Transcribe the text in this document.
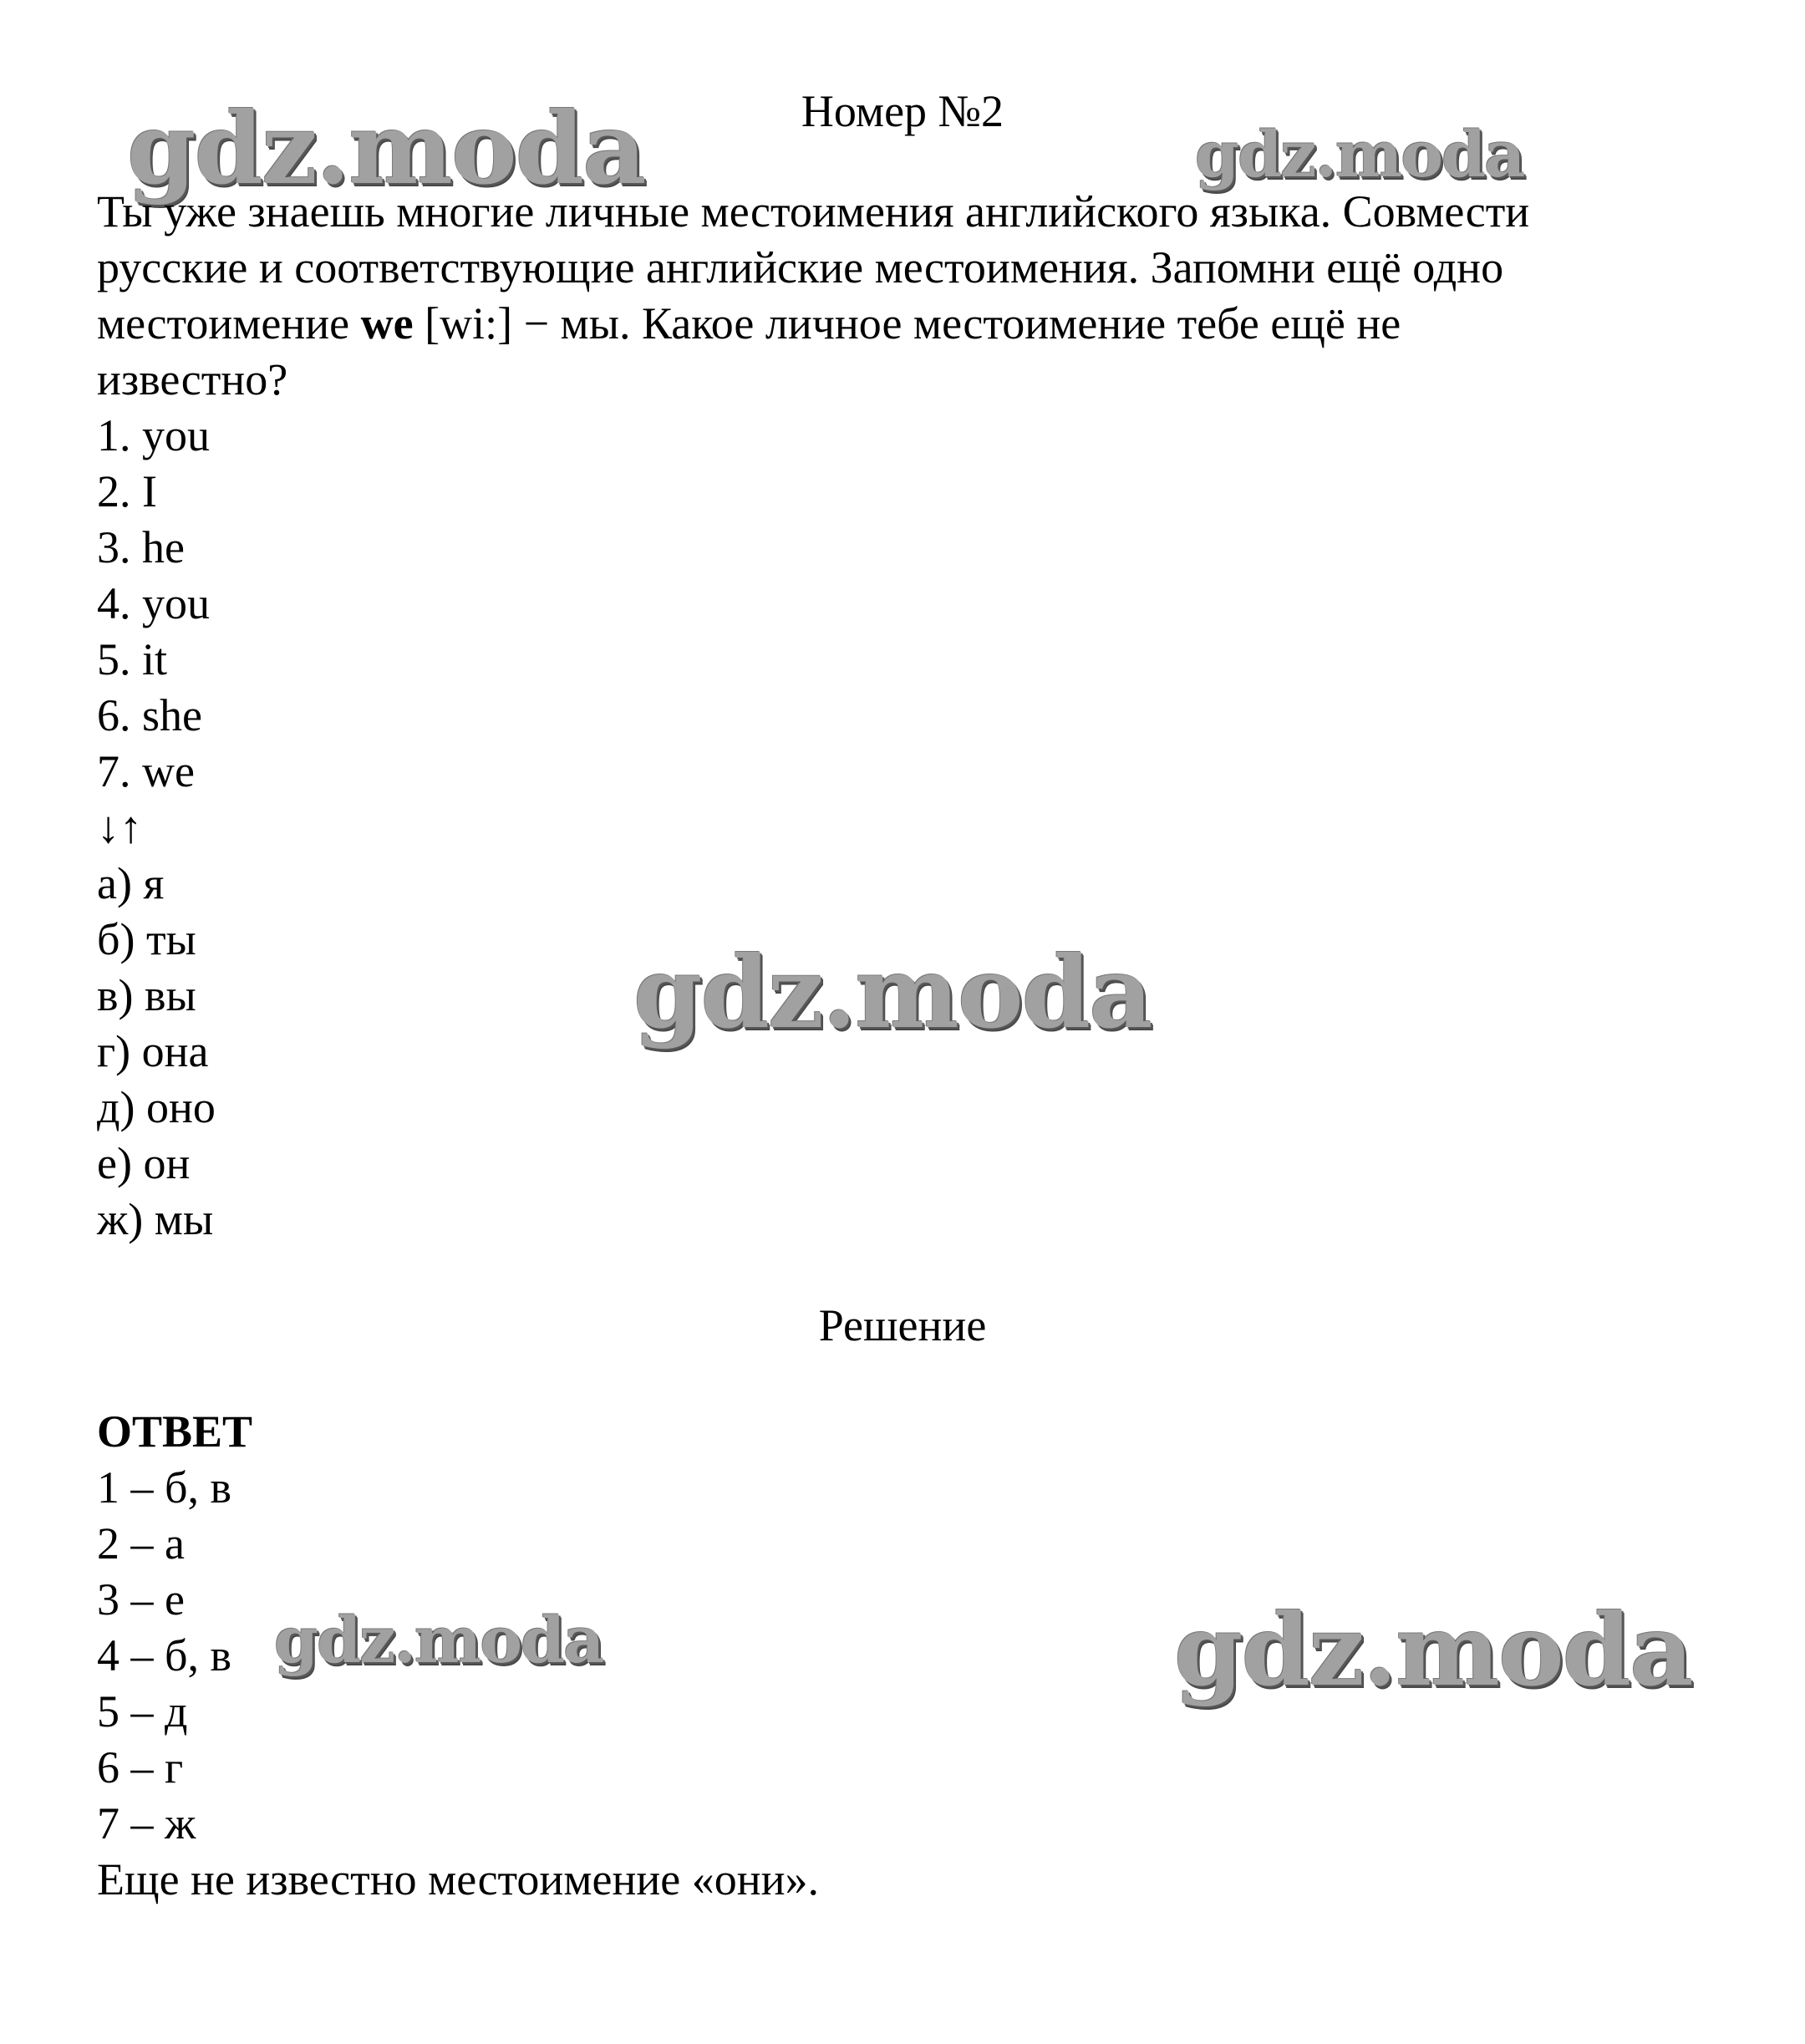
gdz.moda	gdz.moda
gdz.moda
gdz.moda	gdz.moda
Номер №2
Ты уже знаешь многие личные местоимения английского языка. Совмести
русские и соответствующие английские местоимения. Запомни ещё одно
местоимение we [wi:] − мы. Какое личное местоимение тебе ещё не
известно?
1. you
2. I
3. he
4. you
5. it
6. she
7. we
↓↑
а) я
б) ты
в) вы
г) она
д) оно
е) он
ж) мы
Решение
ОТВЕТ
1 – б, в
2 – а
3 – е
4 – б, в
5 – д
6 – г
7 – ж
Еще не известно местоимение «они».
